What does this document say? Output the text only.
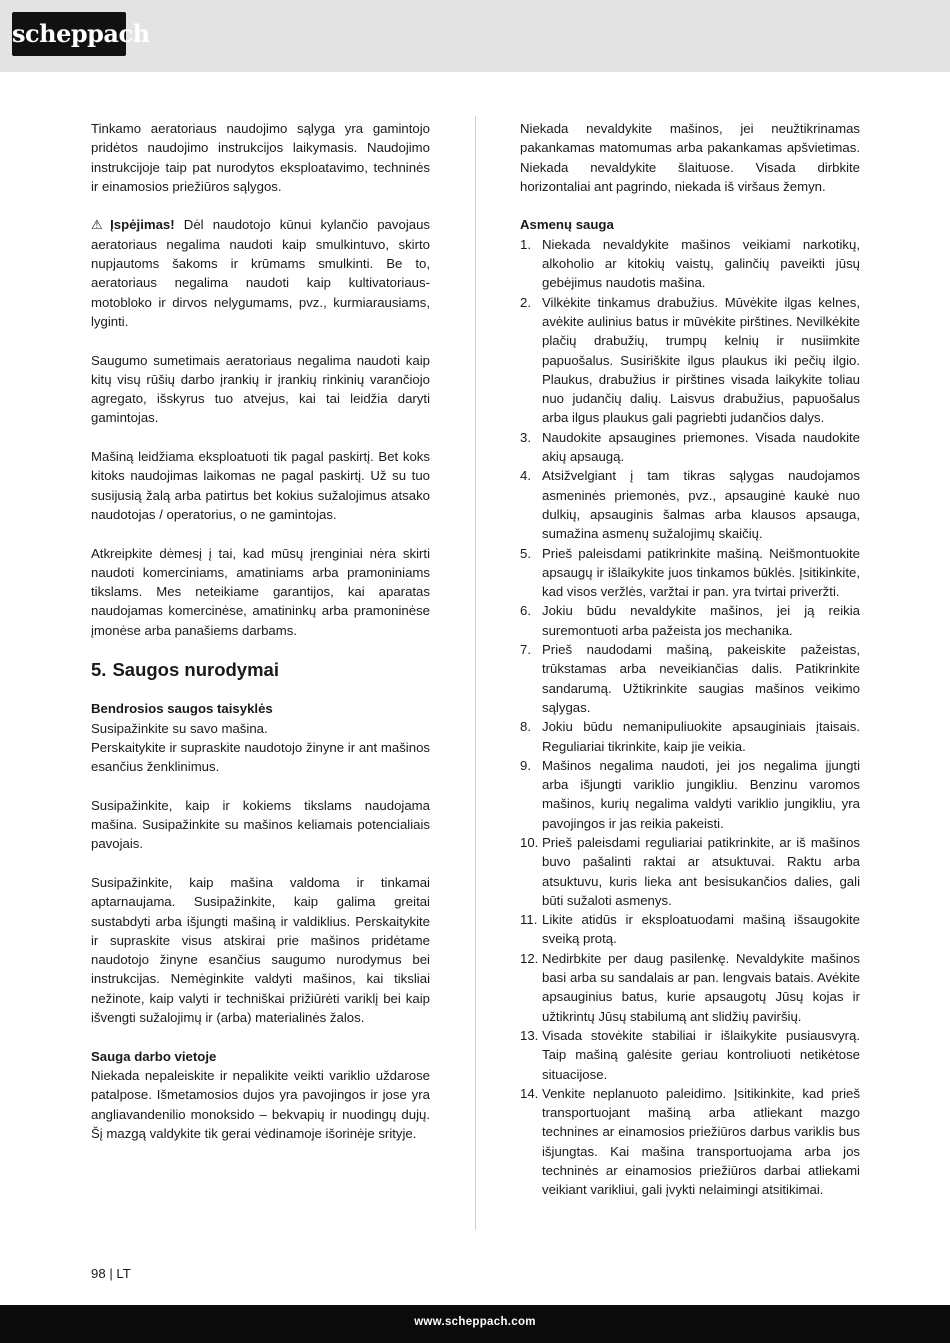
scheppach

Tinkamo aeratoriaus naudojimo sąlyga yra gamintojo pridėtos naudojimo instrukcijos laikymasis. Naudojimo instrukcijoje taip pat nurodytos eksploatavimo, techninės ir einamosios priežiūros sąlygos.

⚠ Įspėjimas! Dėl naudotojo kūnui kylančio pavojaus aeratoriaus negalima naudoti kaip smulkintuvo, skirto nupjautoms šakoms ir krūmams smulkinti. Be to, aeratoriaus negalima naudoti kaip kultivatoriaus-motobloko ir dirvos nelygumams, pvz., kurmiarausiams, lyginti.

Saugumo sumetimais aeratoriaus negalima naudoti kaip kitų visų rūšių darbo įrankių ir įrankių rinkinių varančiojo agregato, išskyrus tuo atvejus, kai tai leidžia daryti gamintojas.

Mašiną leidžiama eksploatuoti tik pagal paskirtį. Bet koks kitoks naudojimas laikomas ne pagal paskirtį. Už su tuo susijusią žalą arba patirtus bet kokius sužalojimus atsako naudotojas / operatorius, o ne gamintojas.

Atkreipkite dėmesį į tai, kad mūsų įrenginiai nėra skirti naudoti komerciniams, amatiniams arba pramoniniams tikslams. Mes neteikiame garantijos, kai aparatas naudojamas komercinėse, amatininkų arba pramoninėse įmonėse arba panašiems darbams.

5. Saugos nurodymai
Bendrosios saugos taisyklės

Susipažinkite su savo mašina.

Perskaitykite ir supraskite naudotojo žinyne ir ant mašinos esančius ženklinimus.

Susipažinkite, kaip ir kokiems tikslams naudojama mašina. Susipažinkite su mašinos keliamais potencialiais pavojais.

Susipažinkite, kaip mašina valdoma ir tinkamai aptarnaujama. Susipažinkite, kaip galima greitai sustabdyti arba išjungti mašiną ir valdiklius. Perskaitykite ir supraskite visus atskirai prie mašinos pridėtame naudotojo žinyne esančius saugumo nurodymus bei instrukcijas. Nemėginkite valdyti mašinos, kai tiksliai nežinote, kaip valyti ir techniškai prižiūrėti variklį bei kaip išvengti sužalojimų ir (arba) materialinės žalos.

Sauga darbo vietoje

Niekada nepaleiskite ir nepalikite veikti variklio uždarose patalpose. Išmetamosios dujos yra pavojingos ir jose yra angliavandenilio monoksido – bekvapių ir nuodingų dujų. Šį mazgą valdykite tik gerai vėdinamoje išorinėje srityje.

Niekada nevaldykite mašinos, jei neužtikrinamas pakankamas matomumas arba pakankamas apšvietimas. Niekada nevaldykite šlaituose. Visada dirbkite horizontaliai ant pagrindo, niekada iš viršaus žemyn.

Asmenų sauga
1. Niekada nevaldykite mašinos veikiami narkotikų, alkoholio ar kitokių vaistų, galinčių paveikti jūsų gebėjimus naudotis mašina.
2. Vilkėkite tinkamus drabužius. Mūvėkite ilgas kelnes, avėkite aulinius batus ir mūvėkite pirštines. Nevilkėkite plačių drabužių, trumpų kelnių ir nusiimkite papuošalus. Susiriškite ilgus plaukus iki pečių ilgio. Plaukus, drabužius ir pirštines visada laikykite toliau nuo judančių dalių. Laisvus drabužius, papuošalus arba ilgus plaukus gali pagriebti judančios dalys.
3. Naudokite apsaugines priemones. Visada naudokite akių apsaugą.
4. Atsižvelgiant į tam tikras sąlygas naudojamos asmeninės priemonės, pvz., apsauginė kaukė nuo dulkių, apsauginis šalmas arba klausos apsauga, sumažina asmenų sužalojimų skaičių.
5. Prieš paleisdami patikrinkite mašiną. Neišmontuokite apsaugų ir išlaikykite juos tinkamos būklės. Įsitikinkite, kad visos veržlės, varžtai ir pan. yra tvirtai priveržti.
6. Jokiu būdu nevaldykite mašinos, jei ją reikia suremontuoti arba pažeista jos mechanika.
7. Prieš naudodami mašiną, pakeiskite pažeistas, trūkstamas arba neveikiančias dalis. Patikrinkite sandarumą. Užtikrinkite saugias mašinos veikimo sąlygas.
8. Jokiu būdu nemanipuliuokite apsauginiais įtaisais. Reguliariai tikrinkite, kaip jie veikia.
9. Mašinos negalima naudoti, jei jos negalima įjungti arba išjungti variklio jungikliu. Benzinu varomos mašinos, kurių negalima valdyti variklio jungikliu, yra pavojingos ir jas reikia pakeisti.
10. Prieš paleisdami reguliariai patikrinkite, ar iš mašinos buvo pašalinti raktai ar atsuktuvai. Raktu arba atsuktuvu, kuris lieka ant besisukančios dalies, gali būti sužaloti asmenys.
11. Likite atidūs ir eksploatuodami mašiną išsaugokite sveiką protą.
12. Nedirbkite per daug pasilenkę. Nevaldykite mašinos basi arba su sandalais ar pan. lengvais batais. Avėkite apsauginius batus, kurie apsaugotų Jūsų kojas ir užtikrintų Jūsų stabilumą ant slidžių paviršių.
13. Visada stovėkite stabiliai ir išlaikykite pusiausvyrą. Taip mašiną galėsite geriau kontroliuoti netikėtose situacijose.
14. Venkite neplanuoto paleidimo. Įsitikinkite, kad prieš transportuojant mašiną arba atliekant mazgo technines ar einamosios priežiūros darbus variklis bus išjungtas. Kai mašina transportuojama arba jos techninės ar einamosios priežiūros darbai atliekami veikiant varikliui, gali įvykti nelaimingi atsitikimai.
98 | LT
www.scheppach.com
